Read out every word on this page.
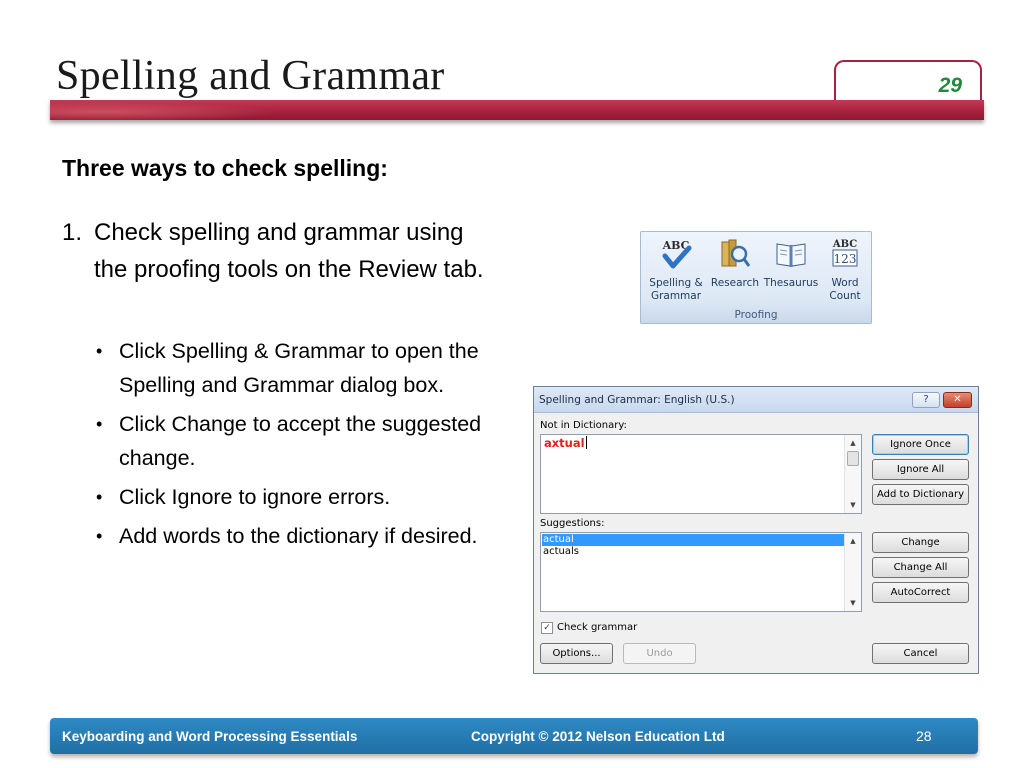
Spelling and Grammar	29
Three ways to check spelling:
1. Check spelling and grammar using the proofing tools on the Review tab.
• Click Spelling & Grammar to open the Spelling and Grammar dialog box.
• Click Change to accept the suggested change.
• Click Ignore to ignore errors.
• Add words to the dictionary if desired.
ABC
Spelling &
Grammar
Research Thesaurus
ABC
123
Word
Count
Proofing
Spelling and Grammar: English (U.S.)	?	✕
Not in Dictionary:
axtual	▲
▼
Suggestions:
actual
actuals
▲
▼
Ignore Once
Ignore All
Add to Dictionary
Change
Change All
AutoCorrect
✓ Check grammar
Options...	Undo	Cancel
Keyboarding and Word Processing Essentials	Copyright © 2012 Nelson Education Ltd	28
